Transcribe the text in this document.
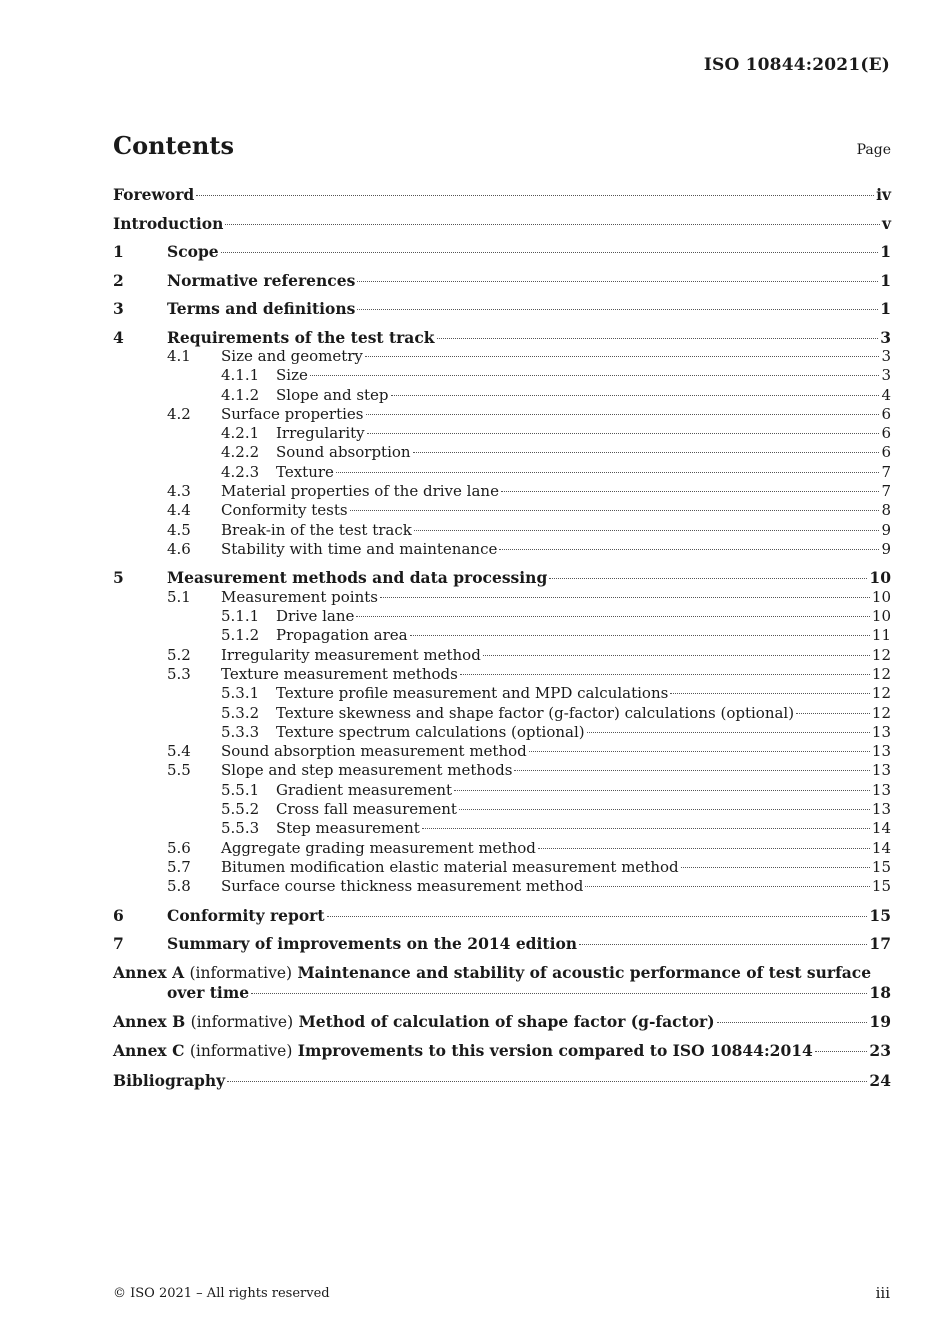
ISO 10844:2021(E)
Contents	Page
Foreword	iv
Introduction	v
1	Scope	1
2	Normative references	1
3	Terms and definitions	1
4	Requirements of the test track	3
4.1	Size and geometry	3
4.1.1	Size	3
4.1.2	Slope and step	4
4.2	Surface properties	6
4.2.1	Irregularity	6
4.2.2	Sound absorption	6
4.2.3	Texture	7
4.3	Material properties of the drive lane	7
4.4	Conformity tests	8
4.5	Break-in of the test track	9
4.6	Stability with time and maintenance	9
5	Measurement methods and data processing	10
5.1	Measurement points	10
5.1.1	Drive lane	10
5.1.2	Propagation area	11
5.2	Irregularity measurement method	12
5.3	Texture measurement methods	12
5.3.1	Texture profile measurement and MPD calculations	12
5.3.2	Texture skewness and shape factor (g-factor) calculations (optional)	12
5.3.3	Texture spectrum calculations (optional)	13
5.4	Sound absorption measurement method	13
5.5	Slope and step measurement methods	13
5.5.1	Gradient measurement	13
5.5.2	Cross fall measurement	13
5.5.3	Step measurement	14
5.6	Aggregate grading measurement method	14
5.7	Bitumen modification elastic material measurement method	15
5.8	Surface course thickness measurement method	15
6	Conformity report	15
7	Summary of improvements on the 2014 edition	17
Annex A (informative) Maintenance and stability of acoustic performance of test surface
over time	18
Annex B (informative) Method of calculation of shape factor (g-factor)	19
Annex C (informative) Improvements to this version compared to ISO 10844:2014	23
Bibliography	24
© ISO 2021 – All rights reserved	iii
